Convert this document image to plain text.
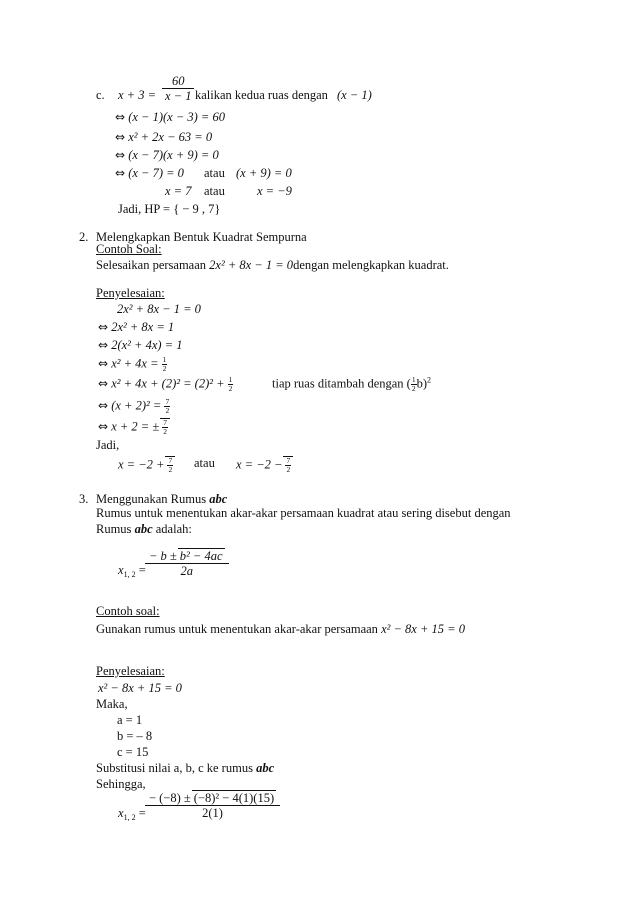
c. $x + 3 = \frac{60}{x - 1}$ kalikan kedua ruas dengan (x − 1)
⇔ (x − 1)(x − 3) = 60
⇔ x² + 2x − 63 = 0
⇔ (x − 7)(x + 9) = 0
⇔ (x − 7) = 0 atau (x + 9) = 0
x = 7 atau	x = −9
Jadi, HP = { − 9 , 7}
2. Melengkapkan Bentuk Kuadrat Sempurna
Contoh Soal:
Selesaikan persamaan 2x² + 8x − 1 = 0dengan melengkapkan kuadrat.
Penyelesaian:
2x² + 8x − 1 = 0
⇔ 2x² + 8x = 1
⇔ 2(x² + 4x) = 1
⇔ $x^2 + 4x = \frac{1}{2}$
⇔ $x^2 + 4x + (2)^2 = (2)^2 + \frac{1}{2}$	tiap ruas ditambah dengan ( $\frac{1}{2} b)^2$
⇔ $(x + 2)^2 = \frac{7}{2}$
⇔ x + 2 = ± $\frac{7}{2}$
Jadi,
$x = -2 + \frac{7}{2}$ atau $x = -2 - \frac{7}{2}$
3. Menggunakan Rumus abc
Rumus untuk menentukan akar-akar persamaan kuadrat atau sering disebut dengan
Rumus abc adalah:
$x_{1, 2} = \frac{\text{− b ± b² − 4ac}}{2a}$
Contoh soal:
Gunakan rumus untuk menentukan akar-akar persamaan x² − 8x + 15 = 0
Penyelesaian:
x² − 8x + 15 = 0
Maka,
a = 1
b = – 8
c = 15
Substitusi nilai a, b, c ke rumus abc
Sehingga,
$x_{1, 2} = \frac{\text{− (−8) ± (−8)² − 4(1)(15)}}{2(1)}$
